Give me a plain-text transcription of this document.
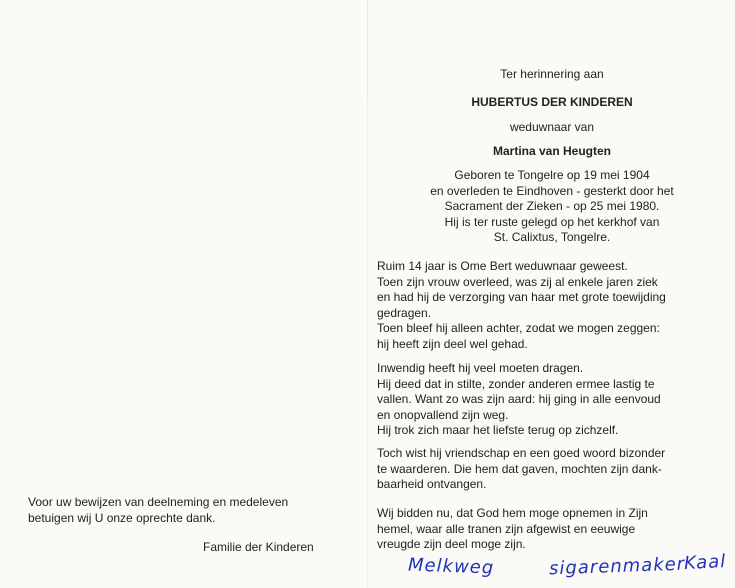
Voor uw bewijzen van deelneming en medeleven
betuigen wij U onze oprechte dank.
Familie der Kinderen
Ter herinnering aan
HUBERTUS DER KINDEREN
weduwnaar van
Martina van Heugten
Geboren te Tongelre op 19 mei 1904
en overleden te Eindhoven - gesterkt door het
Sacrament der Zieken - op 25 mei 1980.
Hij is ter ruste gelegd op het kerkhof van
St. Calixtus, Tongelre.
Ruim 14 jaar is Ome Bert weduwnaar geweest.
Toen zijn vrouw overleed, was zij al enkele jaren ziek
en had hij de verzorging van haar met grote toewijding
gedragen.
Toen bleef hij alleen achter, zodat we mogen zeggen:
hij heeft zijn deel wel gehad.
Inwendig heeft hij veel moeten dragen.
Hij deed dat in stilte, zonder anderen ermee lastig te
vallen. Want zo was zijn aard: hij ging in alle eenvoud
en onopvallend zijn weg.
Hij trok zich maar het liefste terug op zichzelf.
Toch wist hij vriendschap en een goed woord bizonder
te waarderen. Die hem dat gaven, mochten zijn dank-
baarheid ontvangen.
Wij bidden nu, dat God hem moge opnemen in Zijn
hemel, waar alle tranen zijn afgewist en eeuwige
vreugde zijn deel moge zijn.
Melkweg	sigarenmaker
Kaal
